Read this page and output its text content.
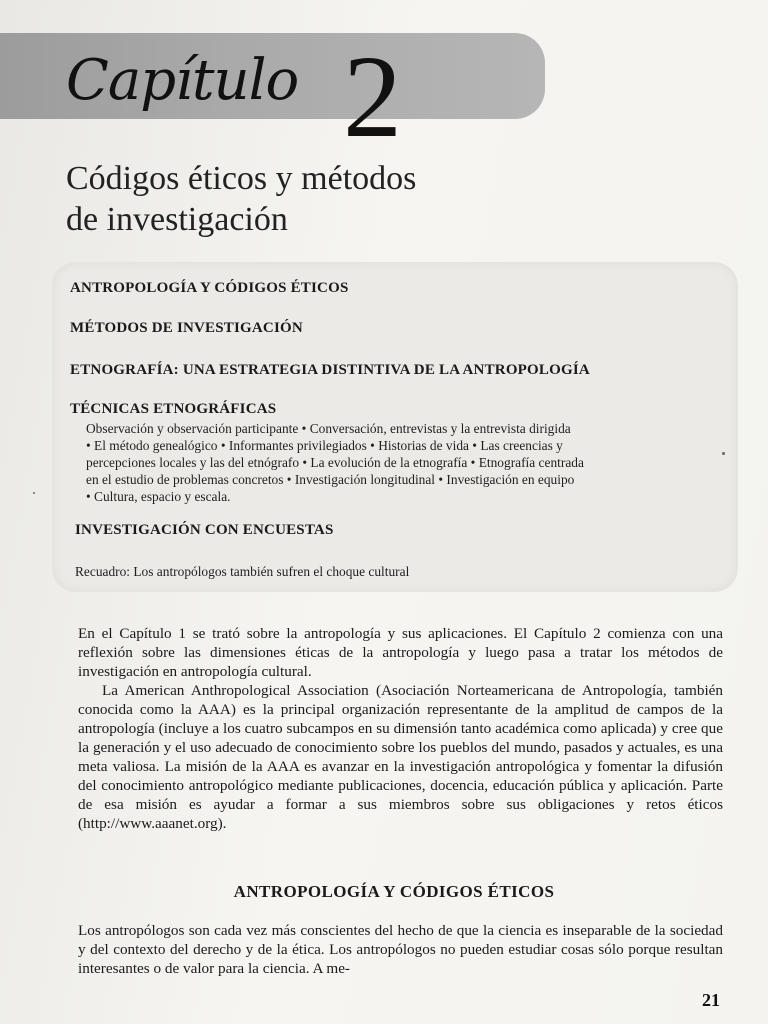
Capítulo 2
Códigos éticos y métodos
de investigación
ANTROPOLOGÍA Y CÓDIGOS ÉTICOS
MÉTODOS DE INVESTIGACIÓN
ETNOGRAFÍA: UNA ESTRATEGIA DISTINTIVA DE LA ANTROPOLOGÍA
TÉCNICAS ETNOGRÁFICAS
Observación y observación participante • Conversación, entrevistas y la entrevista dirigida
• El método genealógico • Informantes privilegiados • Historias de vida • Las creencias y
percepciones locales y las del etnógrafo • La evolución de la etnografía • Etnografía centrada
en el estudio de problemas concretos • Investigación longitudinal • Investigación en equipo
• Cultura, espacio y escala.
INVESTIGACIÓN CON ENCUESTAS
Recuadro: Los antropólogos también sufren el choque cultural
En el Capítulo 1 se trató sobre la antropología y sus aplicaciones. El Capítulo 2 comienza con una reflexión sobre las dimensiones éticas de la antropología y luego pasa a tratar los métodos de investigación en antropología cultural.
La American Anthropological Association (Asociación Norteamericana de Antropología, también conocida como la AAA) es la principal organización representante de la amplitud de campos de la antropología (incluye a los cuatro subcampos en su dimensión tanto académica como aplicada) y cree que la generación y el uso adecuado de conocimiento sobre los pueblos del mundo, pasados y actuales, es una meta valiosa. La misión de la AAA es avanzar en la investigación antropológica y fomentar la difusión del conocimiento antropológico mediante publicaciones, docencia, educación pública y aplicación. Parte de esa misión es ayudar a formar a sus miembros sobre sus obligaciones y retos éticos (http://www.aaanet.org).
ANTROPOLOGÍA Y CÓDIGOS ÉTICOS
Los antropólogos son cada vez más conscientes del hecho de que la ciencia es inseparable de la sociedad y del contexto del derecho y de la ética. Los antropólogos no pueden estudiar cosas sólo porque resultan interesantes o de valor para la ciencia. A me-
21
